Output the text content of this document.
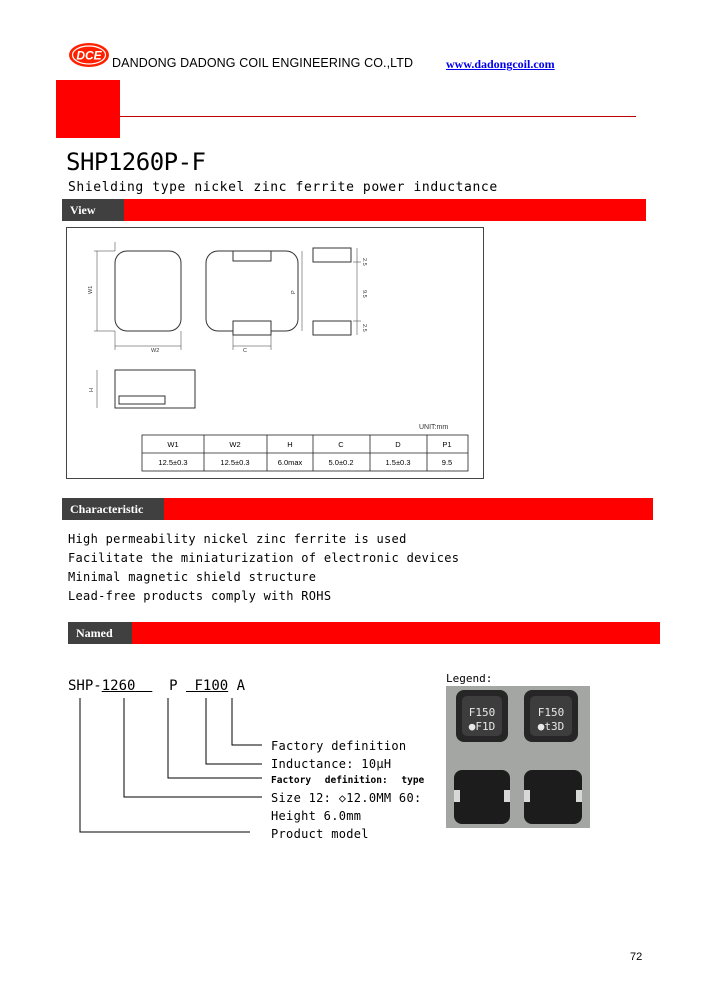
DCE
DANDONG DADONG COIL ENGINEERING CO.,LTD	www.dadongcoil.com
SHP1260P-F
Shielding type nickel zinc ferrite power inductance
View
W1
W2	C
P
H
2.5
9.5
2.5
UNIT:mm
W1	W2	H	C	D	P1
12.5±0.3	12.5±0.3	6.0max	5.0±0.2	1.5±0.3	9.5
Characteristic
High permeability nickel zinc ferrite is used
Facilitate the miniaturization of electronic devices
Minimal magnetic shield structure
Lead-free products comply with ROHS
Named
SHP-1260 P F100 A
Factory definition
Inductance: 10μH
Factory definition: type
Size 12: ◇12.0MM 60:
Height 6.0mm
Product model
Legend:
F150
●F1D
F150
●t3D
72
